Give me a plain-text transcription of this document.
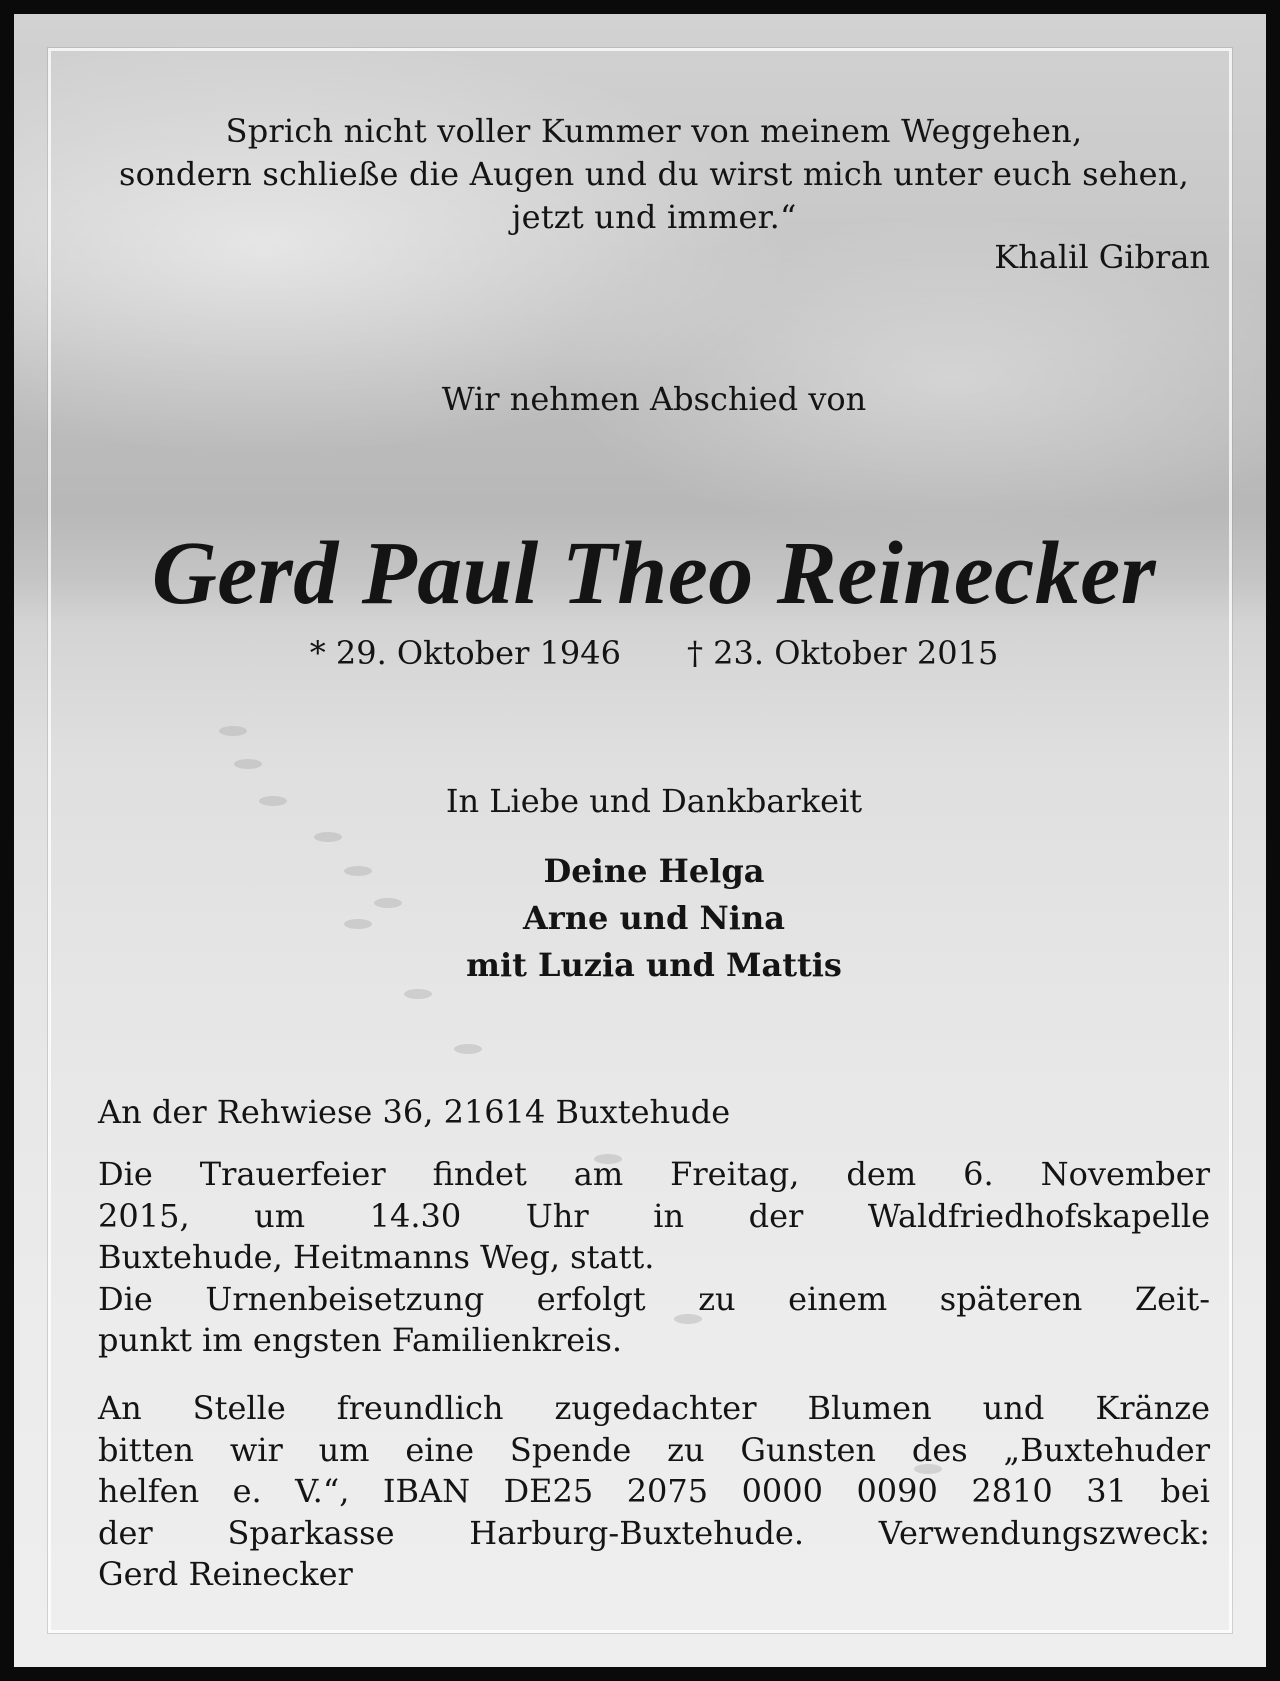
Sprich nicht voller Kummer von meinem Weggehen,
sondern schließe die Augen und du wirst mich unter euch sehen,
jetzt und immer.“
Khalil Gibran
Wir nehmen Abschied von
Gerd Paul Theo Reinecker
* 29. Oktober 1946 † 23. Oktober 2015
In Liebe und Dankbarkeit
Deine Helga
Arne und Nina
mit Luzia und Mattis
An der Rehwiese 36, 21614 Buxtehude
Die Trauerfeier findet am Freitag, dem 6. November
2015, um 14.30 Uhr in der Waldfriedhofskapelle
Buxtehude, Heitmanns Weg, statt.
Die Urnenbeisetzung erfolgt zu einem späteren Zeit-
punkt im engsten Familienkreis.
An Stelle freundlich zugedachter Blumen und Kränze
bitten wir um eine Spende zu Gunsten des „Buxtehuder
helfen e. V.“, IBAN DE25 2075 0000 0090 2810 31 bei
der Sparkasse Harburg-Buxtehude. Verwendungszweck:
Gerd Reinecker
